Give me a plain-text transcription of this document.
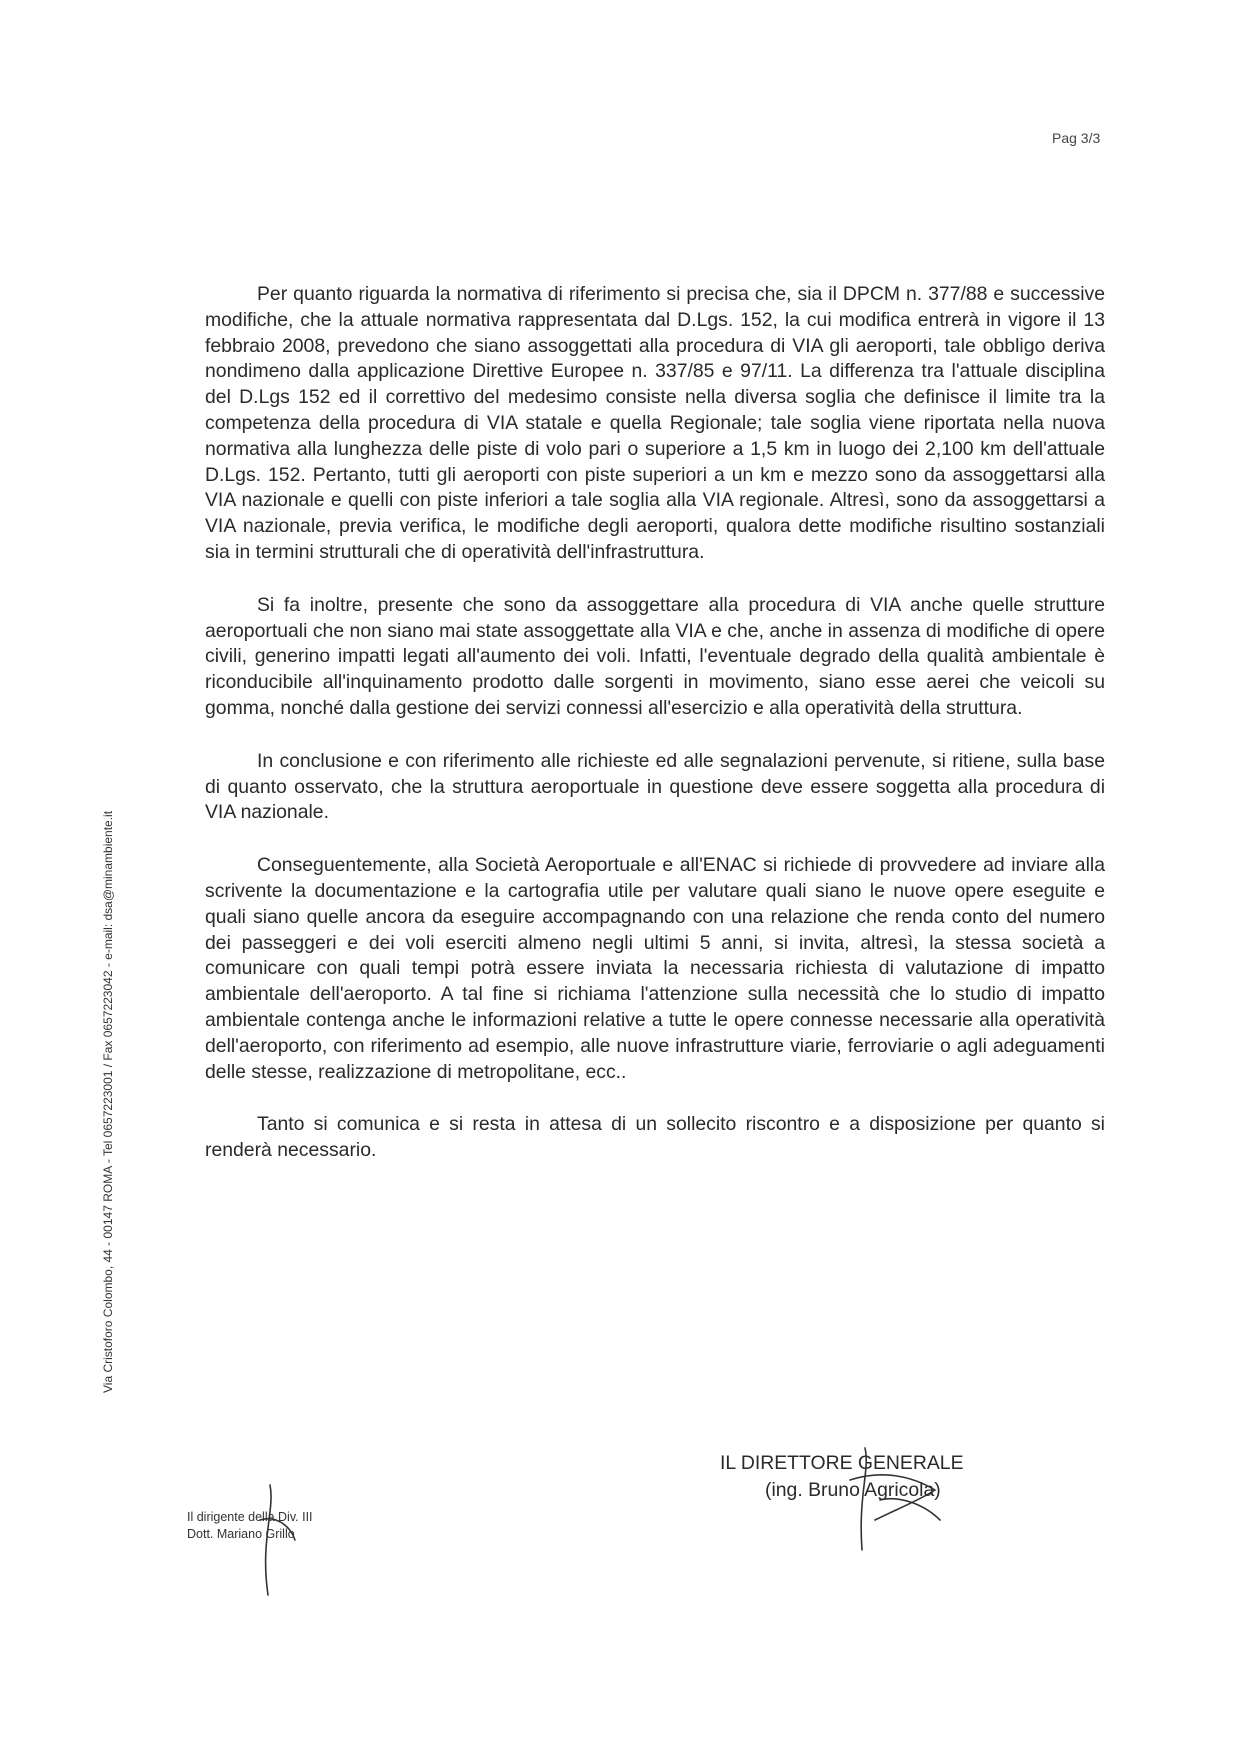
Pag 3/3
Via Cristoforo Colombo, 44 - 00147 ROMA - Tel 0657223001 / Fax 0657223042 - e-mail: dsa@minambiente.it

Per quanto riguarda la normativa di riferimento si precisa che, sia il DPCM n. 377/88 e successive modifiche, che la attuale normativa rappresentata dal D.Lgs. 152, la cui modifica entrerà in vigore il 13 febbraio 2008, prevedono che siano assoggettati alla procedura di VIA gli aeroporti, tale obbligo deriva nondimeno dalla applicazione Direttive Europee n. 337/85 e 97/11. La differenza tra l'attuale disciplina del D.Lgs 152 ed il correttivo del medesimo consiste nella diversa soglia che definisce il limite tra la competenza della procedura di VIA statale e quella Regionale; tale soglia viene riportata nella nuova normativa alla lunghezza delle piste di volo pari o superiore a 1,5 km in luogo dei 2,100 km dell'attuale D.Lgs. 152. Pertanto, tutti gli aeroporti con piste superiori a un km e mezzo sono da assoggettarsi alla VIA nazionale e quelli con piste inferiori a tale soglia alla VIA regionale. Altresì, sono da assoggettarsi a VIA nazionale, previa verifica, le modifiche degli aeroporti, qualora dette modifiche risultino sostanziali sia in termini strutturali che di operatività dell'infrastruttura.

Si fa inoltre, presente che sono da assoggettare alla procedura di VIA anche quelle strutture aeroportuali che non siano mai state assoggettate alla VIA e che, anche in assenza di modifiche di opere civili, generino impatti legati all'aumento dei voli. Infatti, l'eventuale degrado della qualità ambientale è riconducibile all'inquinamento prodotto dalle sorgenti in movimento, siano esse aerei che veicoli su gomma, nonché dalla gestione dei servizi connessi all'esercizio e alla operatività della struttura.

In conclusione e con riferimento alle richieste ed alle segnalazioni pervenute, si ritiene, sulla base di quanto osservato, che la struttura aeroportuale in questione deve essere soggetta alla procedura di VIA nazionale.

Conseguentemente, alla Società Aeroportuale e all'ENAC si richiede di provvedere ad inviare alla scrivente la documentazione e la cartografia utile per valutare quali siano le nuove opere eseguite e quali siano quelle ancora da eseguire accompagnando con una relazione che renda conto del numero dei passeggeri e dei voli eserciti almeno negli ultimi 5 anni, si invita, altresì, la stessa società a comunicare con quali tempi potrà essere inviata la necessaria richiesta di valutazione di impatto ambientale dell'aeroporto. A tal fine si richiama l'attenzione sulla necessità che lo studio di impatto ambientale contenga anche le informazioni relative a tutte le opere connesse necessarie alla operatività dell'aeroporto, con riferimento ad esempio, alle nuove infrastrutture viarie, ferroviarie o agli adeguamenti delle stesse, realizzazione di metropolitane, ecc..

Tanto si comunica e si resta in attesa di un sollecito riscontro e a disposizione per quanto si renderà necessario.

IL DIRETTORE GENERALE
(ing. Bruno Agricola)
Il dirigente della Div. III
Dott. Mariano Grillo
